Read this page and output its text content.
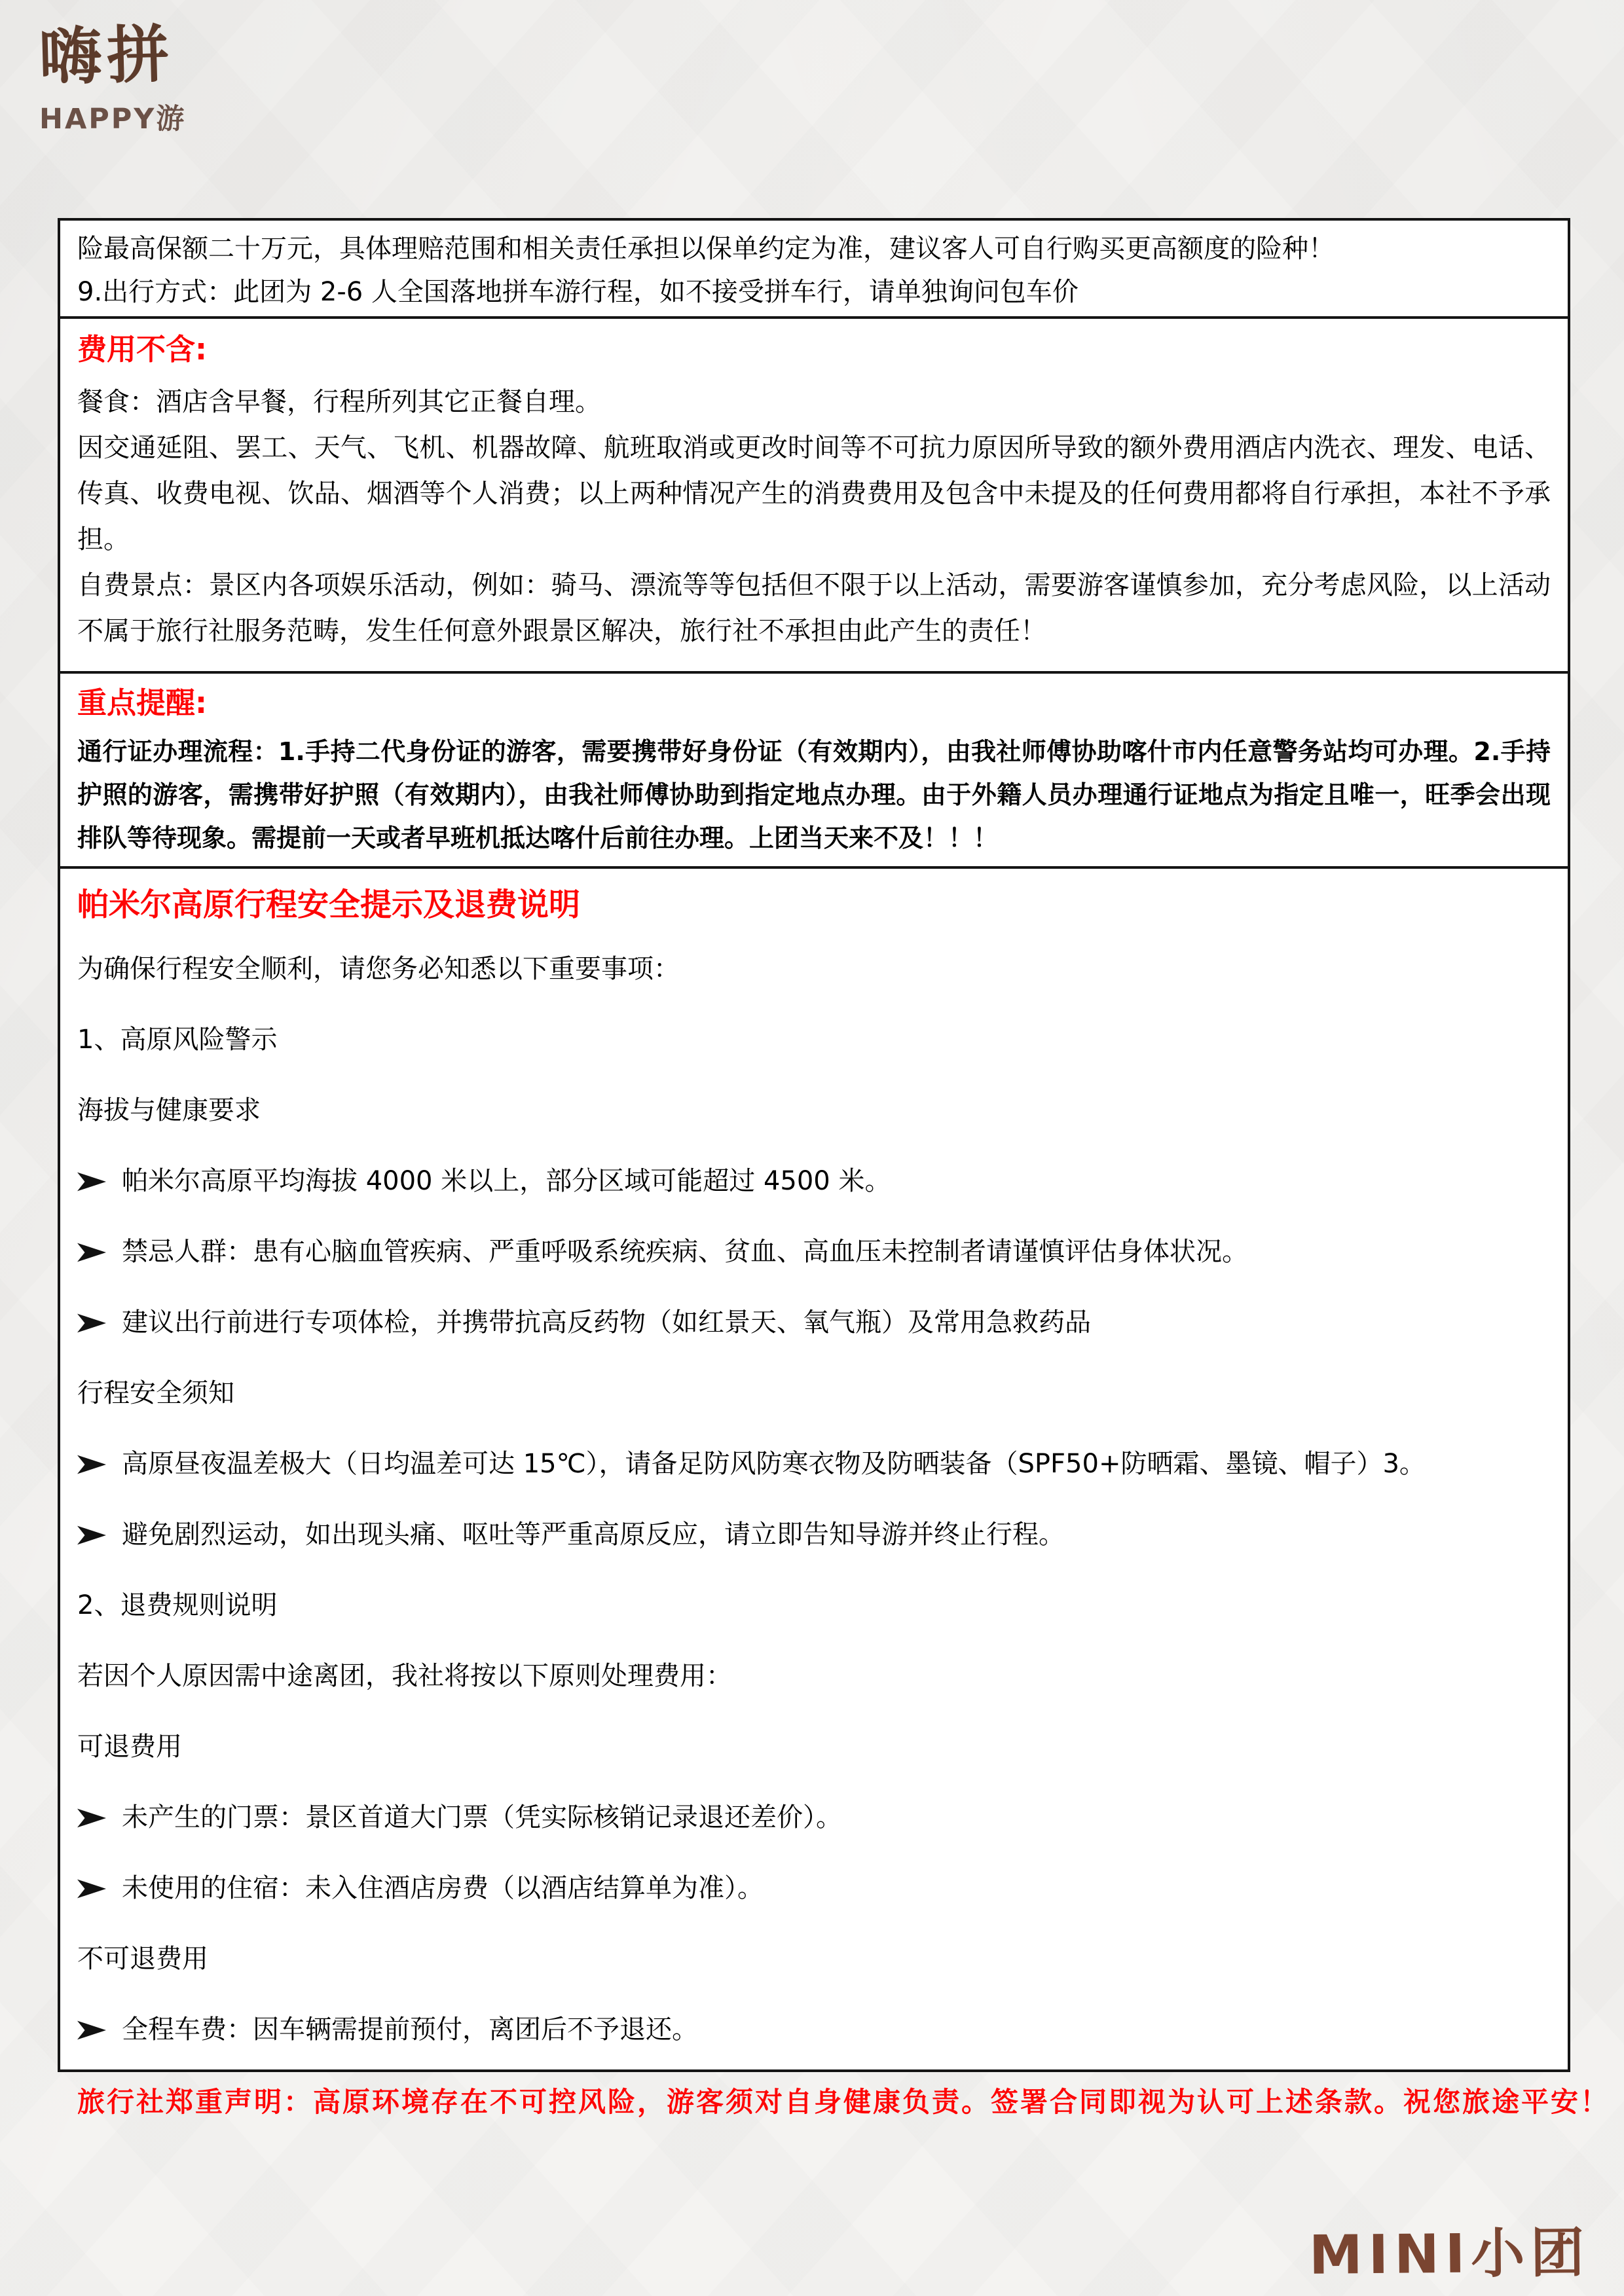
嗨拼
HAPPY游

险最高保额二十万元，具体理赔范围和相关责任承担以保单约定为准，建议客人可自行购买更高额度的险种！

9.出行方式：此团为 2-6 人全国落地拼车游行程，如不接受拼车行，请单独询问包车价

费用不含:

餐食：酒店含早餐，行程所列其它正餐自理。

因交通延阻、罢工、天气、飞机、机器故障、航班取消或更改时间等不可抗力原因所导致的额外费用酒店内洗衣、理发、电话、传真、收费电视、饮品、烟酒等个人消费；以上两种情况产生的消费费用及包含中未提及的任何费用都将自行承担，本社不予承担。

自费景点：景区内各项娱乐活动，例如：骑马、漂流等等包括但不限于以上活动，需要游客谨慎参加，充分考虑风险，以上活动不属于旅行社服务范畴，发生任何意外跟景区解决，旅行社不承担由此产生的责任！

重点提醒:

通行证办理流程：1.手持二代身份证的游客，需要携带好身份证（有效期内），由我社师傅协助喀什市内任意警务站均可办理。2.手持护照的游客，需携带好护照（有效期内），由我社师傅协助到指定地点办理。由于外籍人员办理通行证地点为指定且唯一，旺季会出现排队等待现象。需提前一天或者早班机抵达喀什后前往办理。上团当天来不及！！！

帕米尔高原行程安全提示及退费说明

为确保行程安全顺利，请您务必知悉以下重要事项：

1、高原风险警示

海拔与健康要求

帕米尔高原平均海拔 4000 米以上，部分区域可能超过 4500 米。

禁忌人群：患有心脑血管疾病、严重呼吸系统疾病、贫血、高血压未控制者请谨慎评估身体状况。

建议出行前进行专项体检，并携带抗高反药物（如红景天、氧气瓶）及常用急救药品

行程安全须知

高原昼夜温差极大（日均温差可达 15℃），请备足防风防寒衣物及防晒装备（SPF50+防晒霜、墨镜、帽子）3。

避免剧烈运动，如出现头痛、呕吐等严重高原反应，请立即告知导游并终止行程。

2、退费规则说明

若因个人原因需中途离团，我社将按以下原则处理费用：

可退费用

未产生的门票：景区首道大门票（凭实际核销记录退还差价）。

未使用的住宿：未入住酒店房费（以酒店结算单为准）。

不可退费用

全程车费：因车辆需提前预付，离团后不予退还。

旅行社郑重声明：高原环境存在不可控风险，游客须对自身健康负责。签署合同即视为认可上述条款。祝您旅途平安！

MINI小团
